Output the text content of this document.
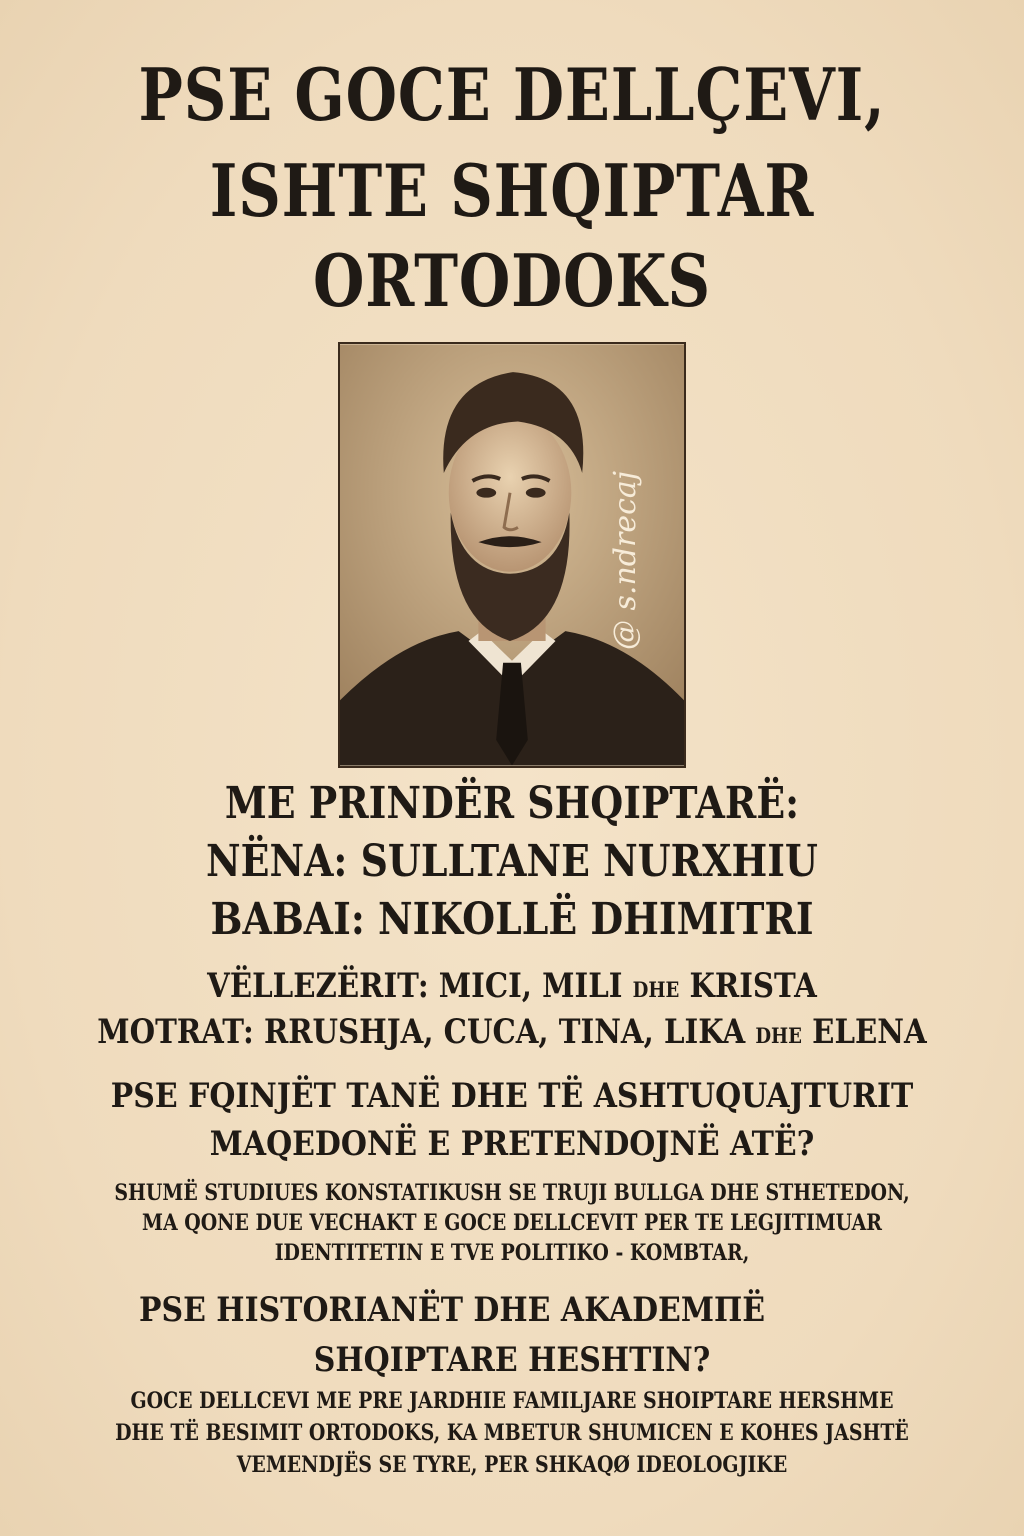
PSE GOCE DELLÇEVI,
ISHTE SHQIPTAR
ORTODOKS
@ s.ndrecaj
ME PRINDËR SHQIPTARË:
NËNA: SULLTANE NURXHIU
BABAI: NIKOLLË DHIMITRI
VËLLEZËRIT: MICI, MILI DHE KRISTA
MOTRAT: RRUSHJA, CUCA, TINA, LIKA DHE ELENA
PSE FQINJËT TANË DHE TË ASHTUQUAJTURIT
MAQEDONË E PRETENDOJNË ATË?
SHUMË STUDIUES KONSTATIKUSH SE TRUJI BULLGA DHE STHETEDON,
MA QONE DUE VECHAKT E GOCE DELLCEVIT PER TE LEGJITIMUAR
IDENTITETIN E TVE POLITIKO - KOMBTAR,
PSE HISTORIANËT DHE AKADEMПË
SHQIPTARE HESHTIN?
GOCE DELLCEVI ME PRE JARDHIE FAMILJARE SHOIPTARE HERSHME
DHE TË BESIMIT ORTODOKS, KA MBETUR SHUMICEN E KOHES JASHTË
VEMENDJËS SE TYRE, PER SHKAQØ IDEOLOGJIKE
